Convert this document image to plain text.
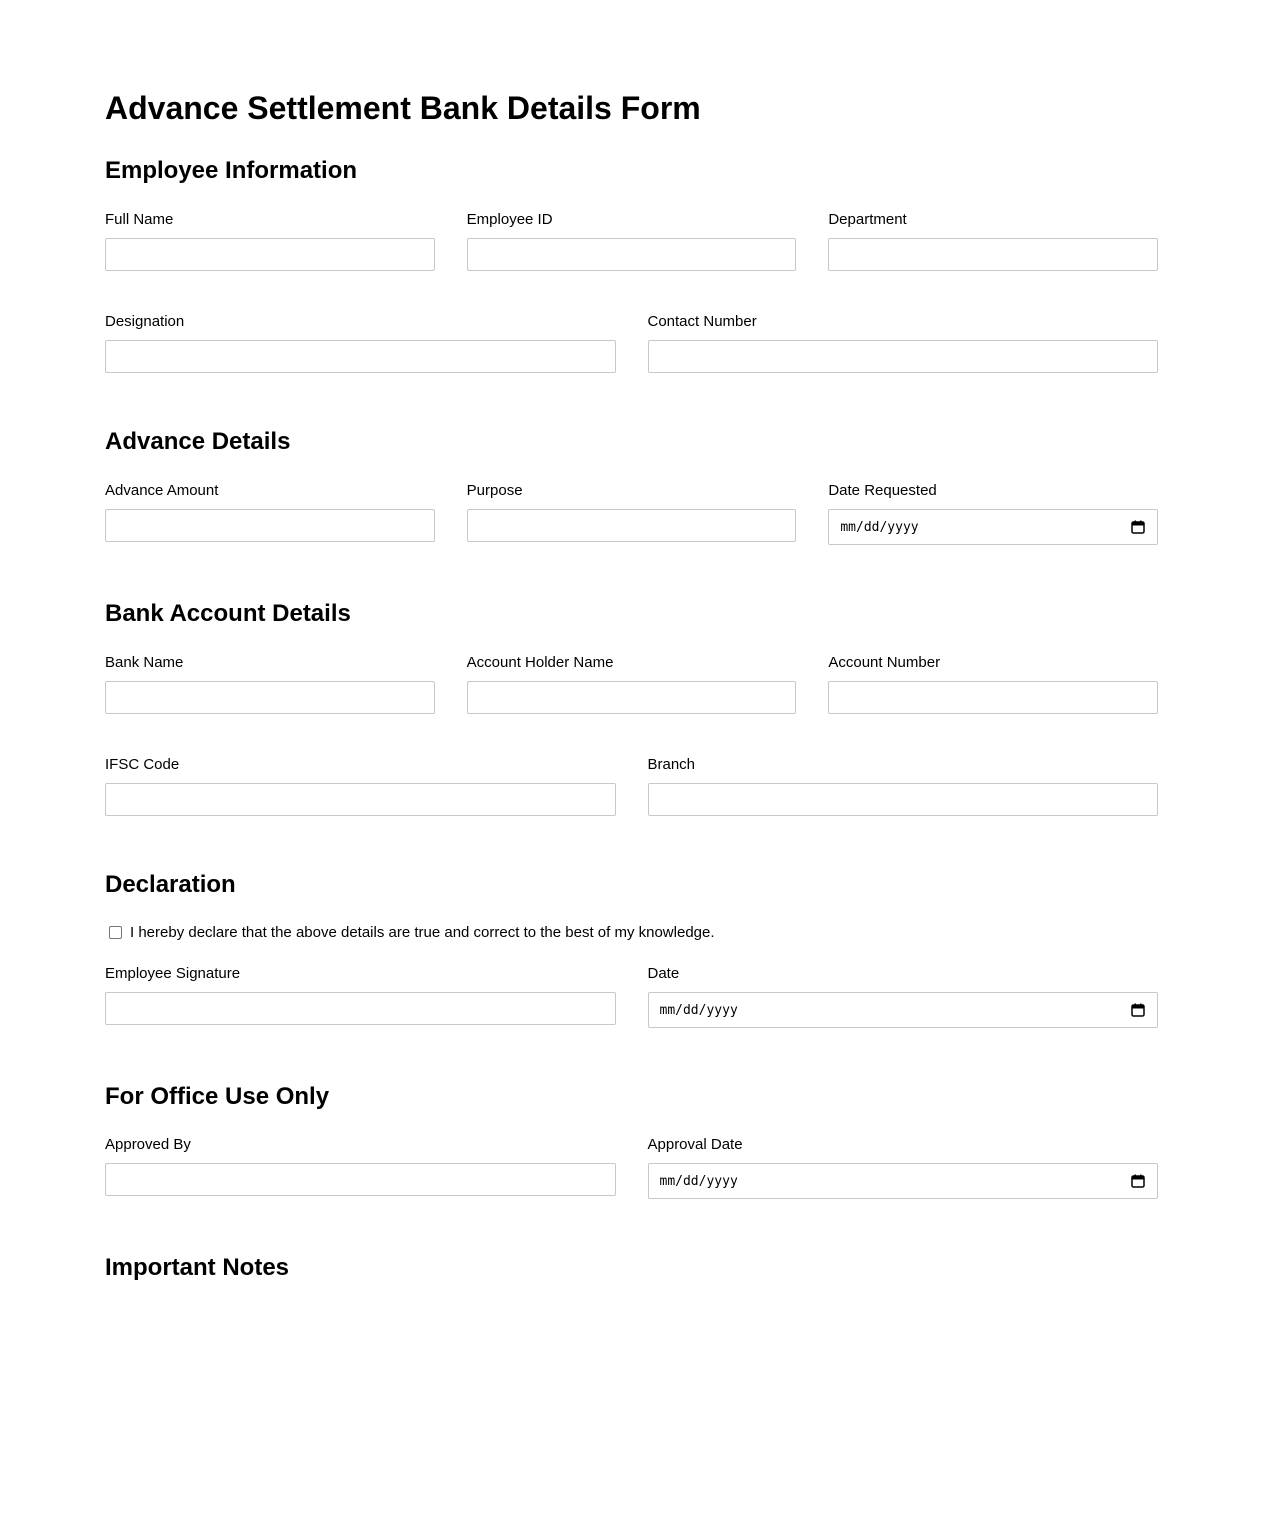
Advance Settlement Bank Details Form
Employee Information
Full Name	Employee ID	Department
Designation	Contact Number
Advance Details
Advance Amount	Purpose	Date Requested
mm/dd/yyyy
Bank Account Details
Bank Name	Account Holder Name	Account Number
IFSC Code	Branch
Declaration
I hereby declare that the above details are true and correct to the best of my knowledge.
Employee Signature	Date
mm/dd/yyyy
For Office Use Only
Approved By	Approval Date
mm/dd/yyyy
Important Notes
